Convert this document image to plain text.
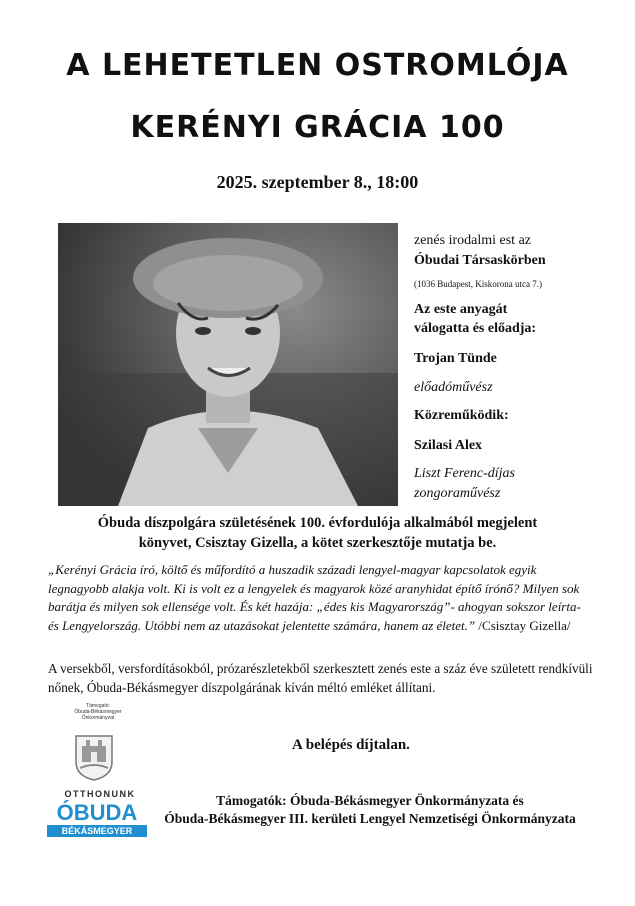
A LEHETETLEN OSTROMLÓJA
KERÉNYI GRÁCIA 100
2025. szeptember 8., 18:00
zenés irodalmi est az
Óbudai Társaskörben
(1036 Budapest, Kiskorona utca 7.)
Az este anyagát
válogatta és előadja:
Trojan Tünde
előadóművész
Közreműködik:
Szilasi Alex
Liszt Ferenc-díjas
zongoraművész
Óbuda díszpolgára születésének 100. évfordulója alkalmából megjelent
könyvet, Csisztay Gizella, a kötet szerkesztője mutatja be.
„Kerényi Grácia író, költő és műfordító a huszadik századi lengyel-magyar kapcsolatok egyik legnagyobb alakja volt. Ki is volt ez a lengyelek és magyarok közé aranyhidat építő írónő? Milyen sok barátja és milyen sok ellensége volt. És két hazája: „édes kis Magyarország”- ahogyan sokszor leírta- és Lengyelország. Utóbbi nem az utazásokat jelentette számára, hanem az életet.” /Csisztay Gizella/
A versekből, versfordításokból, prózarészletekből szerkesztett zenés este a száz éve született rendkívüli nőnek, Óbuda-Békásmegyer díszpolgárának kíván méltó emléket állítani.
Támogató:
Óbuda-Békásmegyer
Önkormányzat
OTTHONUNK
ÓBUDA
BÉKÁSMEGYER
A belépés díjtalan.
Támogatók: Óbuda-Békásmegyer Önkormányzata és
Óbuda-Békásmegyer III. kerületi Lengyel Nemzetiségi Önkormányzata
